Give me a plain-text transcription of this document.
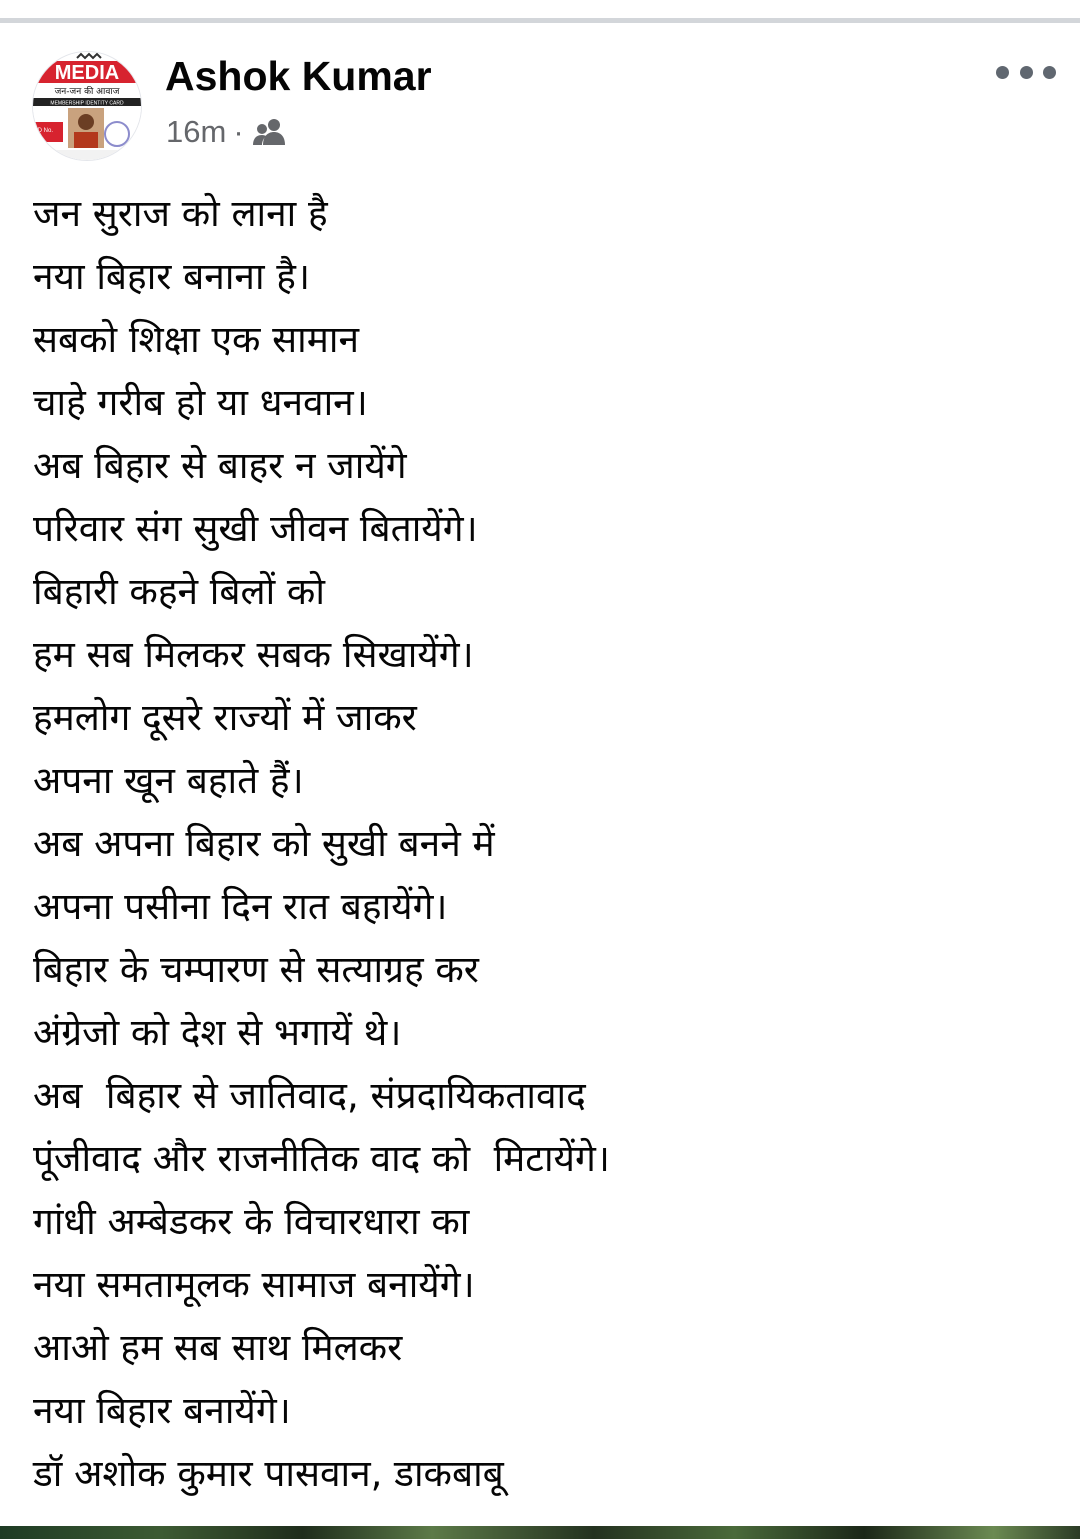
MEDIA
जन-जन की आवाज
MEMBERSHIP IDENTITY CARD
ID No.
Ashok Kumar
16m ·
जन सुराज को लाना है
नया बिहार बनाना है।
सबको शिक्षा एक सामान
चाहे गरीब हो या धनवान।
अब बिहार से बाहर न जायेंगे
परिवार संग सुखी जीवन बितायेंगे।
बिहारी कहने बिलों को
हम सब मिलकर सबक सिखायेंगे।
हमलोग दूसरे राज्यों में जाकर
अपना खून बहाते हैं।
अब अपना बिहार को सुखी बनने में
अपना पसीना दिन रात बहायेंगे।
बिहार के चम्पारण से सत्याग्रह कर
अंग्रेजो को देश से भगायें थे।
अब  बिहार से जातिवाद, संप्रदायिकतावाद
पूंजीवाद और राजनीतिक वाद को  मिटायेंगे।
गांधी अम्बेडकर के विचारधारा का
नया समतामूलक सामाज बनायेंगे।
आओ हम सब साथ मिलकर
नया बिहार बनायेंगे।
डॉ अशोक कुमार पासवान, डाकबाबू
